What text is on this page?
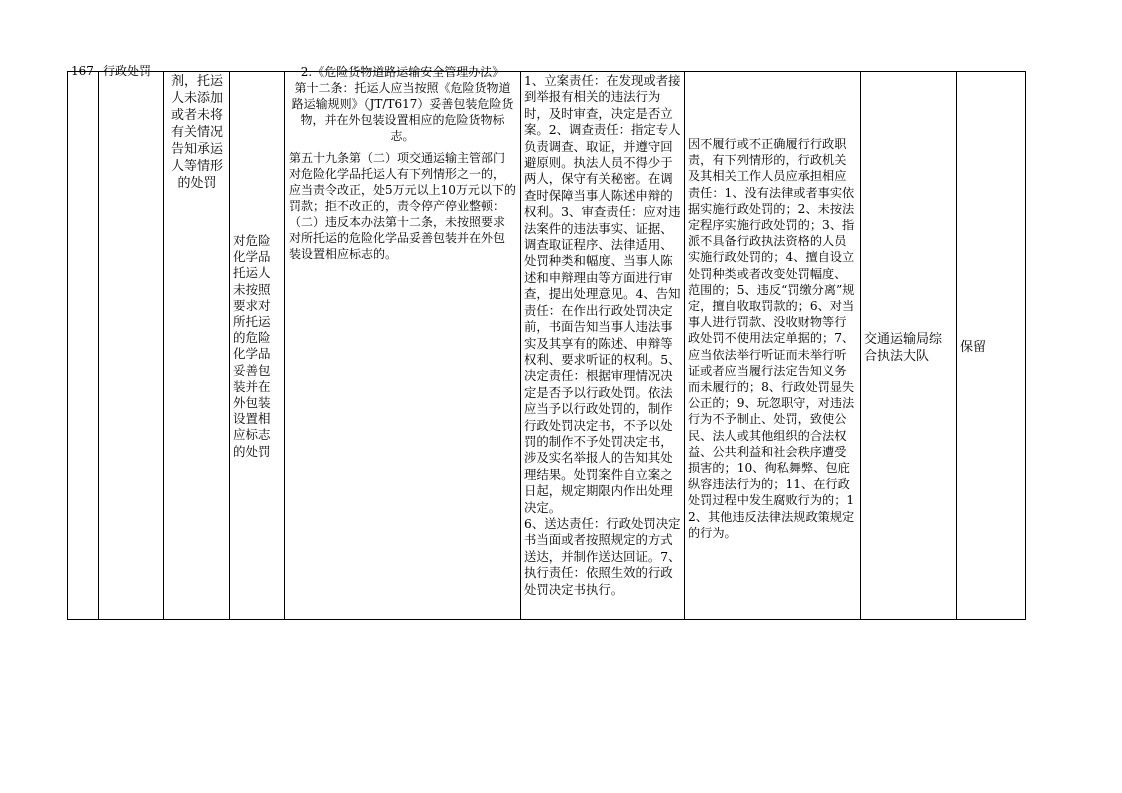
167 行政处罚
剂，托运人未添加或者未将有关情况告知承运人等情形的处罚
对危险化学品托运人未按照要求对所托运的危险化学品妥善包装并在外包装设置相应标志的处罚
2.《危险货物道路运输安全管理办法》
第十二条：托运人应当按照《危险货物道路运输规则》（JT/T617）妥善包装危险货物，并在外包装设置相应的危险货物标志。
第五十九条第（二）项交通运输主管部门对危险化学品托运人有下列情形之一的，应当责令改正，处5万元以上10万元以下的罚款；拒不改正的，责令停产停业整顿：（二）违反本办法第十二条，未按照要求对所托运的危险化学品妥善包装并在外包装设置相应标志的。
1、立案责任：在发现或者接到举报有相关的违法行为时，及时审查，决定是否立案。2、调查责任：指定专人负责调查、取证，并遵守回避原则。执法人员不得少于两人，保守有关秘密。在调查时保障当事人陈述申辩的权利。3、审查责任：应对违法案件的违法事实、证据、调查取证程序、法律适用、处罚种类和幅度、当事人陈述和申辩理由等方面进行审查，提出处理意见。4、告知责任：在作出行政处罚决定前，书面告知当事人违法事实及其享有的陈述、申辩等权利、要求听证的权利。5、决定责任：根据审理情况决定是否予以行政处罚。依法应当予以行政处罚的，制作行政处罚决定书，不予以处罚的制作不予处罚决定书，涉及实名举报人的告知其处理结果。处罚案件自立案之日起，规定期限内作出处理决定。
6、送达责任：行政处罚决定书当面或者按照规定的方式送达，并制作送达回证。7、执行责任：依照生效的行政处罚决定书执行。
因不履行或不正确履行行政职责，有下列情形的，行政机关及其相关工作人员应承担相应责任：1、没有法律或者事实依据实施行政处罚的；2、未按法定程序实施行政处罚的；3、指派不具备行政执法资格的人员实施行政处罚的；4、擅自设立处罚种类或者改变处罚幅度、范围的；5、违反“罚缴分离”规定，擅自收取罚款的；6、对当事人进行罚款、没收财物等行政处罚不使用法定单据的；7、应当依法举行听证而未举行听证或者应当履行法定告知义务而未履行的；8、行政处罚显失公正的；9、玩忽职守，对违法行为不予制止、处罚，致使公民、法人或其他组织的合法权益、公共利益和社会秩序遭受损害的；10、徇私舞弊、包庇纵容违法行为的；11、在行政处罚过程中发生腐败行为的；12、其他违反法律法规政策规定的行为。
交通运输局综合执法大队
保留
